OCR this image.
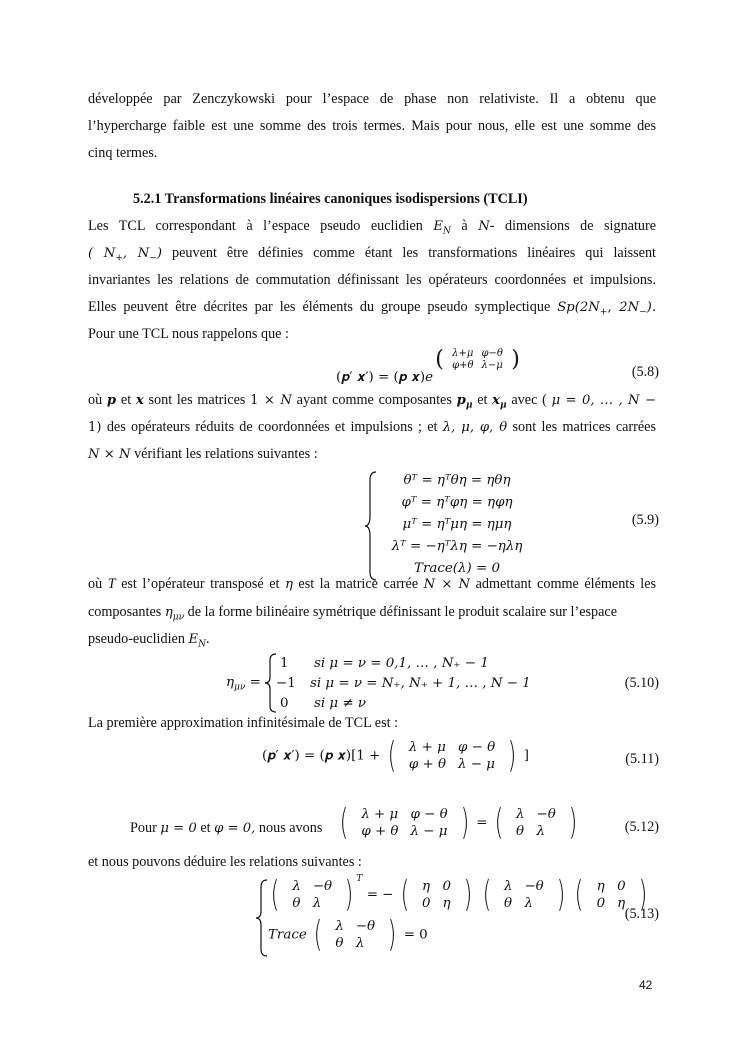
développée par Zenczykowski pour l’espace de phase non relativiste. Il a obtenu que
l’hypercharge faible est une somme des trois termes. Mais pour nous, elle est une somme des
cinq termes.
5.2.1 Transformations linéaires canoniques isodispersions (TCLI)
Les TCL correspondant à l’espace pseudo euclidien $E_N$ à N- dimensions de signature
( $N_+$, $N_-$) peuvent être définies comme étant les transformations linéaires qui laissent
invariantes les relations de commutation définissant les opérateurs coordonnées et impulsions.
Elles peuvent être décrites par les éléments du groupe pseudo symplectique $Sp(2N_+$, $2N_-$).
Pour une TCL nous rappelons que :
(𝒑′ 𝒙′) = (𝒑 𝒙)𝑒 ( λ+μ	φ−θ
φ+θ	λ−μ )	(5.8)
où p et x sont les matrices 1 × N ayant comme composantes $p_\mu$ et $x_\mu$ avec ( μ = 0, … , N −
1) des opérateurs réduits de coordonnées et impulsions ; et λ, μ, φ, θ sont les matrices carrées
N × N vérifiant les relations suivantes :
θᵀ = ηᵀθη = ηθη
φᵀ = ηᵀφη = ηφη
μᵀ = ηᵀμη = ημη
λᵀ = −ηᵀλη = −ηλη
Trace(λ) = 0
(5.9)
où T est l’opérateur transposé et η est la matrice carrée N × N admettant comme éléments les
composantes $\eta_{\mu\nu}$ de la forme bilinéaire symétrique définissant le produit scalaire sur l’espace
pseudo-euclidien $E_N$.
$\eta_{\mu\nu}$ =
1 si μ = ν = 0,1, … , N₊ − 1
−1 si μ = ν = N₊, N₊ + 1, … , N − 1
0 si μ ≠ ν
(5.10)
La première approximation infinitésimale de TCL est :
(𝒑′ 𝒙′) = (𝒑 𝒙)[1 + ( λ + μ	φ − θ
φ + θ	λ − μ ) ]	(5.11)
Pour μ = 0 et φ = 0, nous avons ( λ + μ	φ − θ
φ + θ	λ − μ ) = ( λ	−θ
θ	λ )	(5.12)
et nous pouvons déduire les relations suivantes :
( λ	−θ
θ	λ ) $^T$ = − ( η	0
0	η ) ( λ	−θ
θ	λ ) ( η	0
0	η )
Trace ( λ	−θ
θ	λ ) = 0
(5.13)
42
